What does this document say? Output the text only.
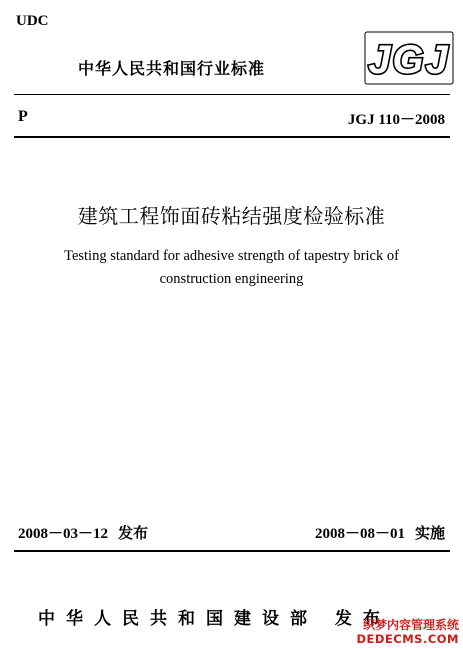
UDC
中华人民共和国行业标准	JGJ
P	JGJ 110－2008
建筑工程饰面砖粘结强度检验标准
Testing standard for adhesive strength of tapestry brick of
construction engineering
2008－03－12 发布	2008－08－01 实施
中华人民共和国建设部 发布
织梦内容管理系统
DEDECMS.COM
